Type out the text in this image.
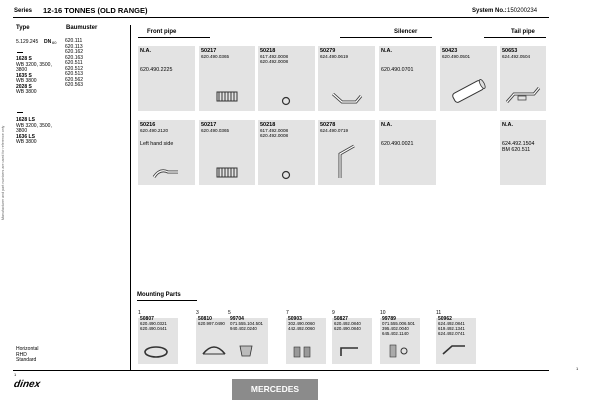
Series 12-16 TONNES (OLD RANGE)	System No.: 150200234
Manufacturer and part numbers are used for reference only
Type	Baumuster
5.129.245 DN 60
1628 S
WB 3200, 3500,
3800
1635 S
WB 3800
2028 S
WB 3800
620.111
620.113
620.162
620.163
620.511
620.512
620.513
620.562
620.563
1628 LS
WB 3200, 3500,
3800
1636 LS
WB 3800
Horizontal
RHD
Standard
Front pipe	Silencer	Tail pipe
N.A.
620.490.2225
50217
620.490.0365
50218
617.492.0008
620.492.0008
50279
624.490.0619
N.A.
620.490.0701
50423
620.490.0501
50653
624.492.0504
50216
620.490.2120
Left hand side
50217
620.490.0365
50218
617.492.0008
620.492.0008
50278
624.490.0719
N.A.
620.490.0021
N.A.
624.492.1504
BM 620.511
Mounting Parts
1
50807
620.490.0321
620.490.0441
3
50810
620.997.0490
5
99704
071.555.104.501
940.402.0240
7
50903
302.490.0060
442.492.0060
9
50827
620.492.0840
620.490.0840
10
99789
071.555.006.501
395.402.0040
645.402.1140
11
50962
624.492.0841
619.492.1341
624.492.0741
dinex	MERCEDES
1
1
